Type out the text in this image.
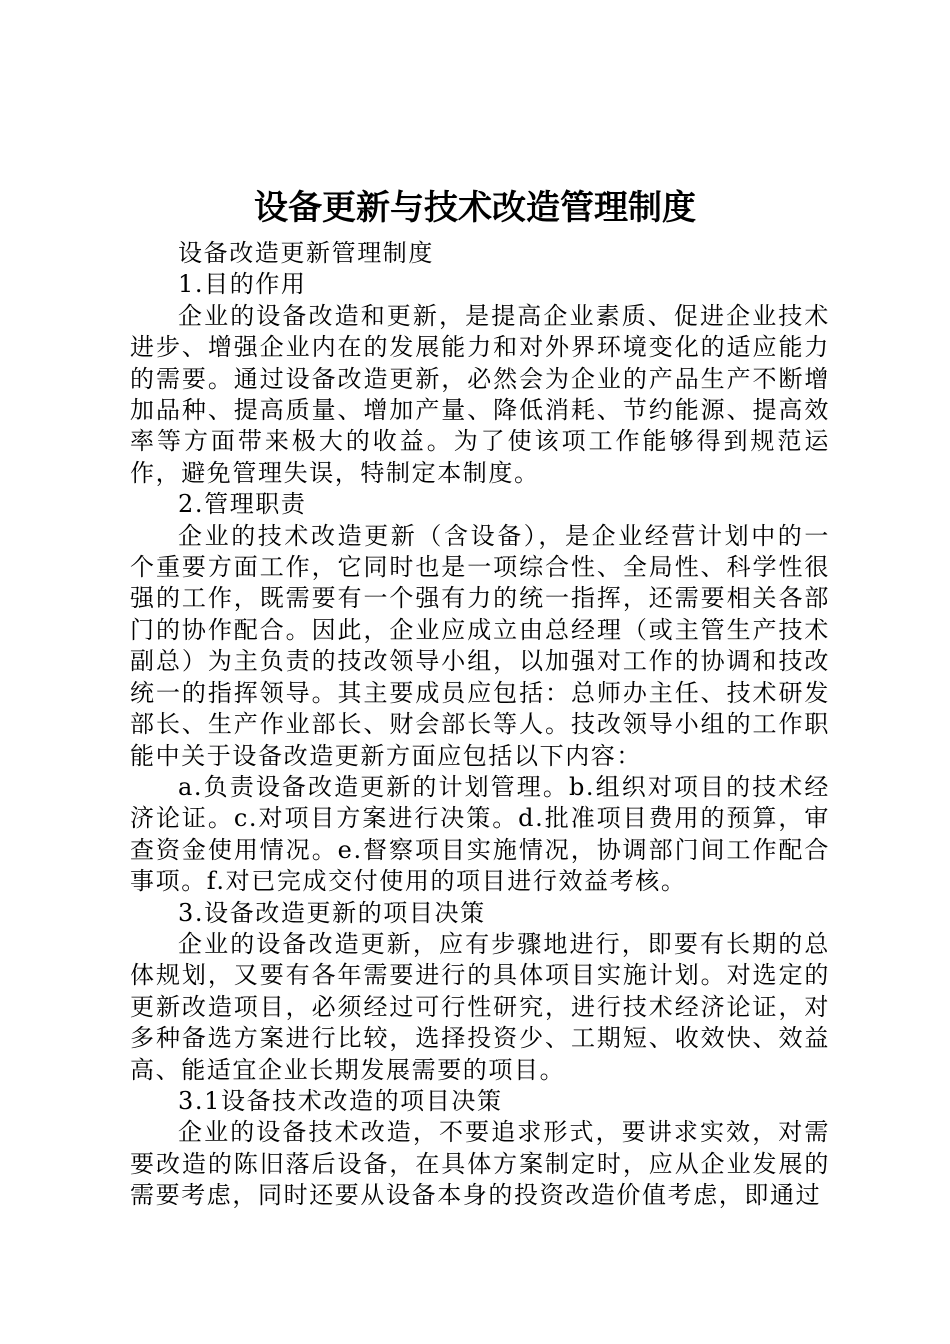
设备更新与技术改造管理制度

设备改造更新管理制度

1.目的作用

企业的设备改造和更新，是提高企业素质、促进企业技术进步、增强企业内在的发展能力和对外界环境变化的适应能力的需要。通过设备改造更新，必然会为企业的产品生产不断增加品种、提高质量、增加产量、降低消耗、节约能源、提高效率等方面带来极大的收益。为了使该项工作能够得到规范运作，避免管理失误，特制定本制度。

2.管理职责

企业的技术改造更新（含设备），是企业经营计划中的一个重要方面工作，它同时也是一项综合性、全局性、科学性很强的工作，既需要有一个强有力的统一指挥，还需要相关各部门的协作配合。因此，企业应成立由总经理（或主管生产技术副总）为主负责的技改领导小组，以加强对工作的协调和技改统一的指挥领导。其主要成员应包括：总师办主任、技术研发部长、生产作业部长、财会部长等人。技改领导小组的工作职能中关于设备改造更新方面应包括以下内容：

a.负责设备改造更新的计划管理。b.组织对项目的技术经济论证。c.对项目方案进行决策。d.批准项目费用的预算，审查资金使用情况。e.督察项目实施情况，协调部门间工作配合事项。f.对已完成交付使用的项目进行效益考核。

3.设备改造更新的项目决策

企业的设备改造更新，应有步骤地进行，即要有长期的总体规划，又要有各年需要进行的具体项目实施计划。对选定的更新改造项目，必须经过可行性研究，进行技术经济论证，对多种备选方案进行比较，选择投资少、工期短、收效快、效益高、能适宜企业长期发展需要的项目。

3.1设备技术改造的项目决策

企业的设备技术改造，不要追求形式，要讲求实效，对需要改造的陈旧落后设备，在具体方案制定时，应从企业发展的需要考虑，同时还要从设备本身的投资改造价值考虑，即通过
